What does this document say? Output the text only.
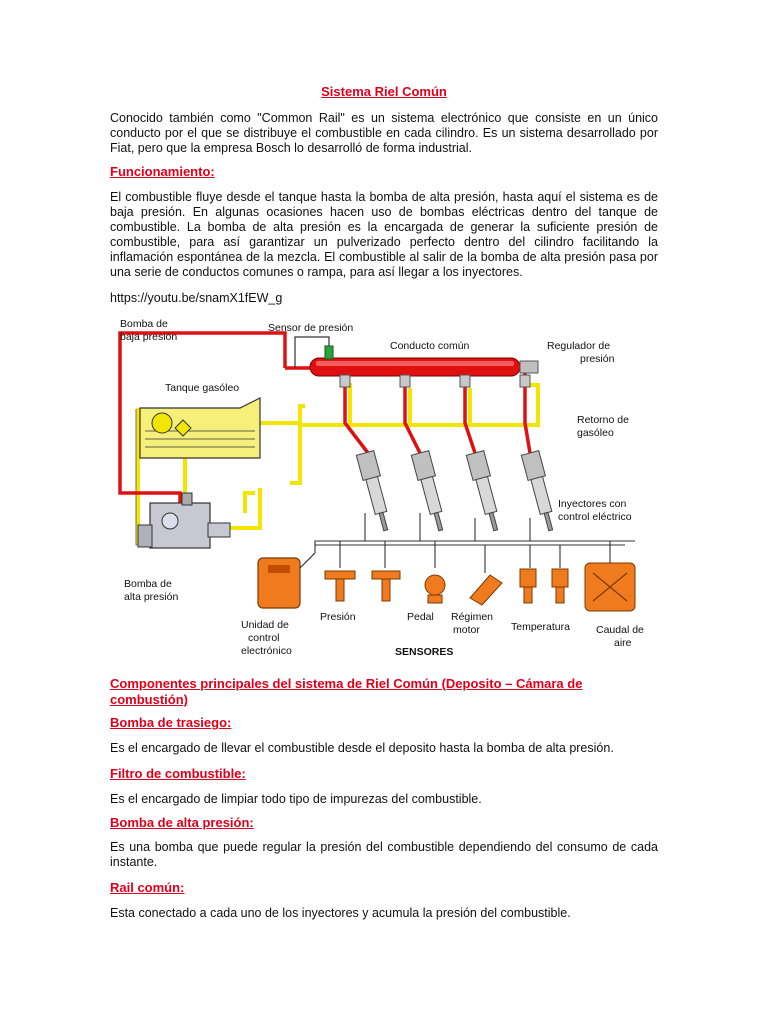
Sistema Riel Común
Conocido también como "Common Rail" es un sistema electrónico que consiste en un único conducto por el que se distribuye el combustible en cada cilindro. Es un sistema desarrollado por Fiat, pero que la empresa Bosch lo desarrolló de forma industrial.
Funcionamiento:
El combustible fluye desde el tanque hasta la bomba de alta presión, hasta aquí el sistema es de baja presión. En algunas ocasiones hacen uso de bombas eléctricas dentro del tanque de combustible. La bomba de alta presión es la encargada de generar la suficiente presión de combustible, para así garantizar un pulverizado perfecto dentro del cilindro facilitando la inflamación espontánea de la mezcla. El combustible al salir de la bomba de alta presión pasa por una serie de conductos comunes o rampa, para así llegar a los inyectores.
https://youtu.be/snamX1fEW_g
Bomba de
baja presión
Sensor de presión
Conducto común	Regulador de
presión
Tanque gasóleo
Retorno de
gasóleo
Inyectores con
control eléctrico
Bomba de
alta presión
Unidad de
control
electrónico
Presión	Pedal Régimen
motor	Temperatura Caudal de
aire
SENSORES
Componentes principales del sistema de Riel Común (Deposito – Cámara de
combustión)
Bomba de trasiego:
Es el encargado de llevar el combustible desde el deposito hasta la bomba de alta presión.
Filtro de combustible:
Es el encargado de limpiar todo tipo de impurezas del combustible.
Bomba de alta presión:
Es una bomba que puede regular la presión del combustible dependiendo del consumo de cada instante.
Rail común:
Esta conectado a cada uno de los inyectores y acumula la presión del combustible.
